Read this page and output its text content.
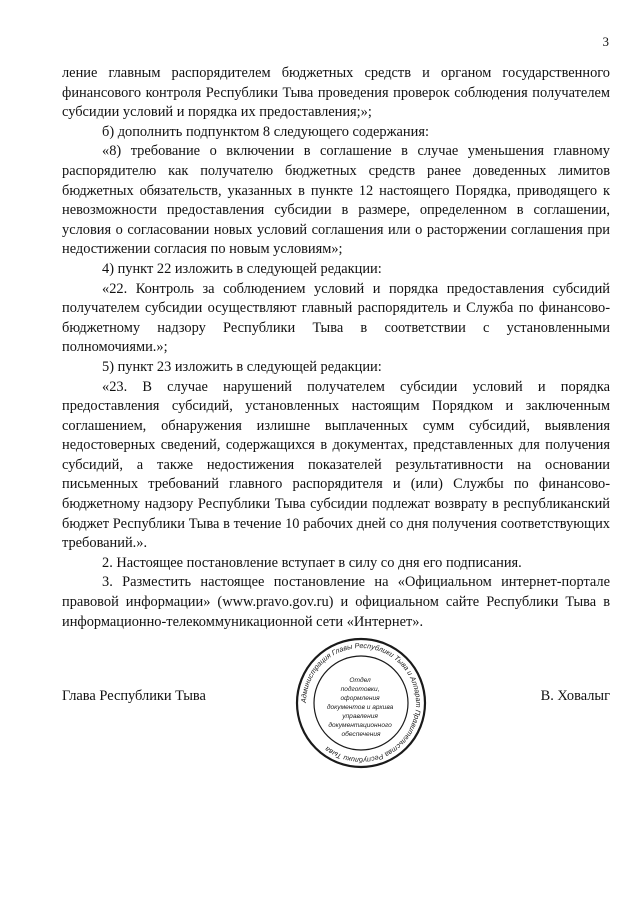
3

ление главным распорядителем бюджетных средств и органом государственного финансового контроля Республики Тыва проведения проверок соблюдения получателем субсидии условий и порядка их предоставления;»;

б) дополнить подпунктом 8 следующего содержания:

«8) требование о включении в соглашение в случае уменьшения главному распорядителю как получателю бюджетных средств ранее доведенных лимитов бюджетных обязательств, указанных в пункте 12 настоящего Порядка, приводящего к невозможности предоставления субсидии в размере, определенном в соглашении, условия о согласовании новых условий соглашения или о расторжении соглашения при недостижении согласия по новым условиям»;

4) пункт 22 изложить в следующей редакции:

«22. Контроль за соблюдением условий и порядка предоставления субсидий получателем субсидии осуществляют главный распорядитель и Служба по финансово-бюджетному надзору Республики Тыва в соответствии с установленными полномочиями.»;

5) пункт 23 изложить в следующей редакции:

«23. В случае нарушений получателем субсидии условий и порядка предоставления субсидий, установленных настоящим Порядком и заключенным соглашением, обнаружения излишне выплаченных сумм субсидий, выявления недостоверных сведений, содержащихся в документах, представленных для получения субсидий, а также недостижения показателей результативности на основании письменных требований главного распорядителя и (или) Службы по финансово-бюджетному надзору Республики Тыва субсидии подлежат возврату в республиканский бюджет Республики Тыва в течение 10 рабочих дней со дня получения соответствующих требований.».

2. Настоящее постановление вступает в силу со дня его подписания.

3. Разместить настоящее постановление на «Официальном интернет-портале правовой информации» (www.pravo.gov.ru) и официальном сайте Республики Тыва в информационно-телекоммуникационной сети «Интернет».

Глава Республики Тыва	В. Ховалыг
Администрация Главы Республики Тыва и Аппарат Правительства Республики Тыва
Отдел подготовки, оформления документов и архива управления документационного обеспечения
